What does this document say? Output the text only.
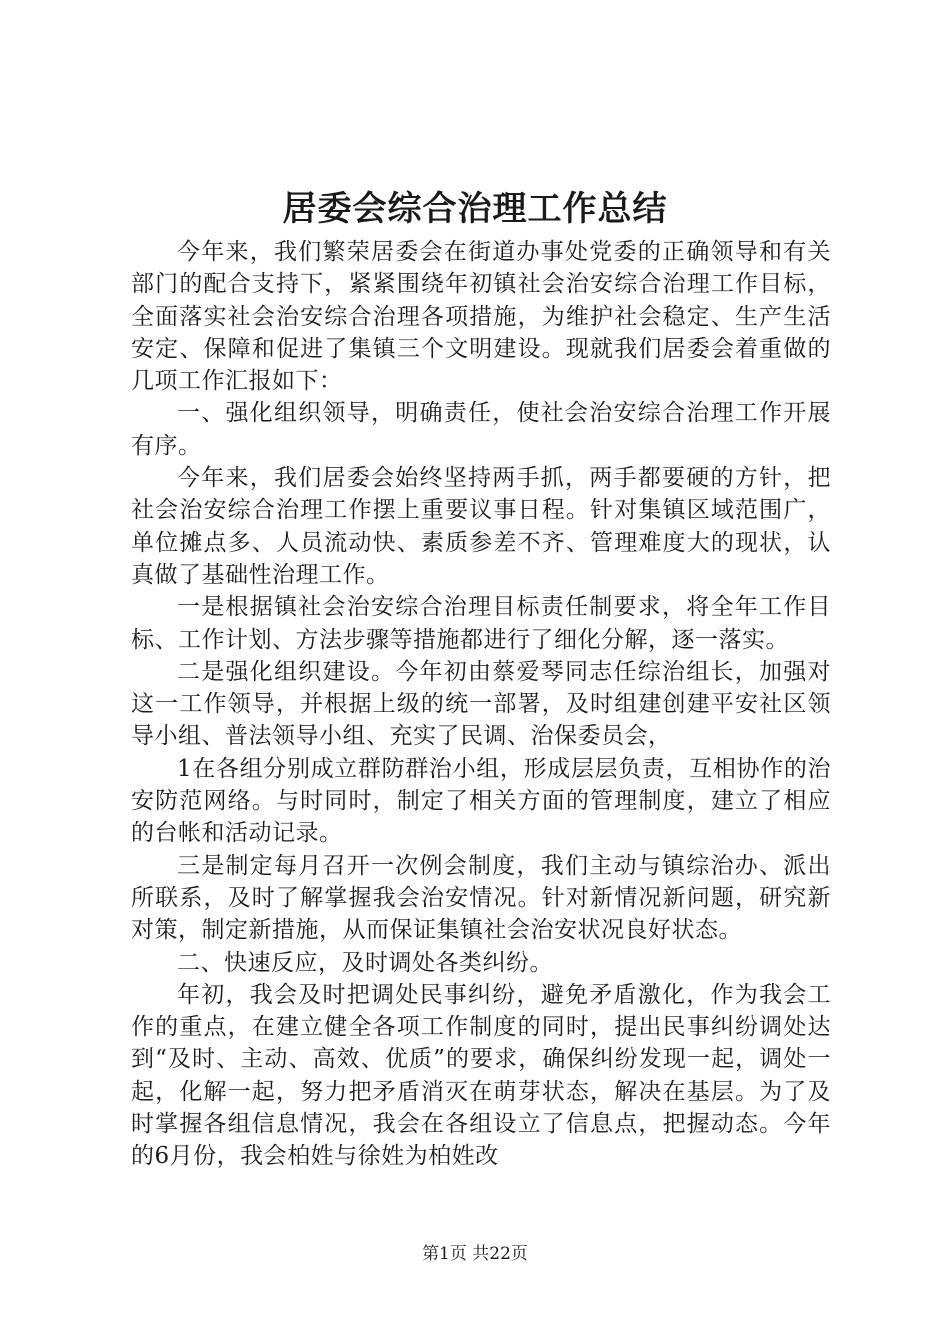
居委会综合治理工作总结

今年来，我们繁荣居委会在街道办事处党委的正确领导和有关部门的配合支持下，紧紧围绕年初镇社会治安综合治理工作目标，全面落实社会治安综合治理各项措施，为维护社会稳定、生产生活安定、保障和促进了集镇三个文明建设。现就我们居委会着重做的几项工作汇报如下：

一、强化组织领导，明确责任，使社会治安综合治理工作开展有序。

今年来，我们居委会始终坚持两手抓，两手都要硬的方针，把社会治安综合治理工作摆上重要议事日程。针对集镇区域范围广，单位摊点多、人员流动快、素质参差不齐、管理难度大的现状，认真做了基础性治理工作。

一是根据镇社会治安综合治理目标责任制要求，将全年工作目标、工作计划、方法步骤等措施都进行了细化分解，逐一落实。

二是强化组织建设。今年初由蔡爱琴同志任综治组长，加强对这一工作领导，并根据上级的统一部署，及时组建创建平安社区领导小组、普法领导小组、充实了民调、治保委员会，

1在各组分别成立群防群治小组，形成层层负责，互相协作的治安防范网络。与时同时，制定了相关方面的管理制度，建立了相应的台帐和活动记录。

三是制定每月召开一次例会制度，我们主动与镇综治办、派出所联系，及时了解掌握我会治安情况。针对新情况新问题，研究新对策，制定新措施，从而保证集镇社会治安状况良好状态。

二、快速反应，及时调处各类纠纷。

年初，我会及时把调处民事纠纷，避免矛盾激化，作为我会工作的重点，在建立健全各项工作制度的同时，提出民事纠纷调处达到“及时、主动、高效、优质”的要求，确保纠纷发现一起，调处一起，化解一起，努力把矛盾消灭在萌芽状态，解决在基层。为了及时掌握各组信息情况，我会在各组设立了信息点，把握动态。今年的6月份，我会柏姓与徐姓为柏姓改

第1页 共22页
